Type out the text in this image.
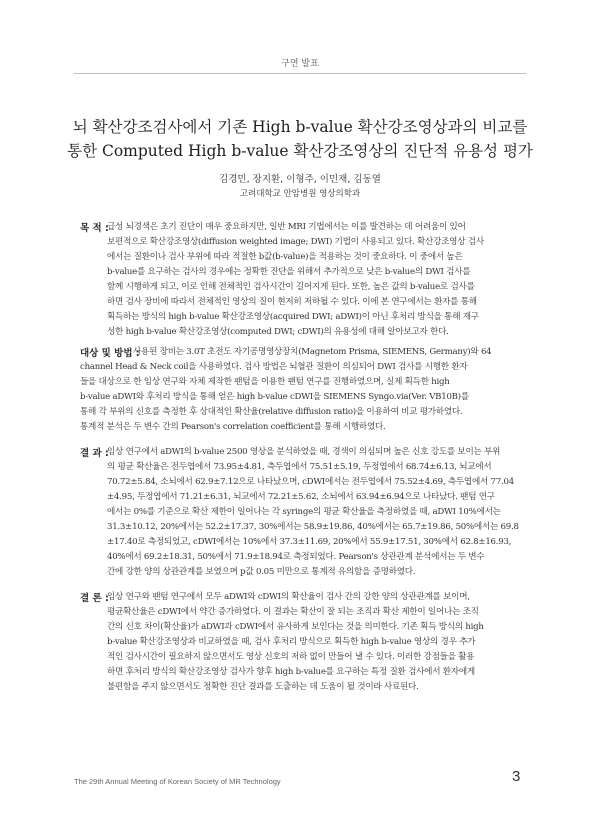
구연 발표
뇌 확산강조검사에서 기존 High b-value 확산강조영상과의 비교를
통한 Computed High b-value 확산강조영상의 진단적 유용성 평가
김경민, 장지환, 이형주, 이민재, 김동열
고려대학교 안암병원 영상의학과
목 적 :
급성 뇌경색은 초기 진단이 매우 중요하지만, 일반 MRI 기법에서는 이를 발견하는 데 어려움이 있어
보편적으로 확산강조영상(diffusion weighted image; DWI) 기법이 사용되고 있다. 확산강조영상 검사
에서는 질환이나 검사 부위에 따라 적절한 b값(b-value)을 적용하는 것이 중요하다. 이 중에서 높은
b-value를 요구하는 검사의 경우에는 정확한 진단을 위해서 추가적으로 낮은 b-value의 DWI 검사를
함께 시행하게 되고, 이로 인해 전체적인 검사시간이 길어지게 된다. 또한, 높은 값의 b-value로 검사를
하면 검사 장비에 따라서 전체적인 영상의 질이 현저히 저하될 수 있다. 이에 본 연구에서는 환자를 통해
획득하는 방식의 high b-value 확산강조영상(acquired DWI; aDWI)이 아닌 후처리 방식을 통해 재구
성한 high b-value 확산강조영상(computed DWI; cDWI)의 유용성에 대해 알아보고자 한다.
대상 및 방법 :
사용된 장비는 3.0T 초전도 자기공명영상장치(Magnetom Prisma, SIEMENS, Germany)와 64
channel Head & Neck coil을 사용하였다. 검사 방법은 뇌혈관 질환이 의심되어 DWI 검사를 시행한 환자
들을 대상으로 한 임상 연구와 자체 제작한 팬텀을 이용한 팬텀 연구를 진행하였으며, 실제 획득한 high
b-value aDWI와 후처리 방식을 통해 얻은 high b-value cDWI을 SIEMENS Syngo.via(Ver. VB10B)를
통해 각 부위의 신호를 측정한 후 상대적인 확산율(relative diffusion ratio)을 이용하여 비교 평가하였다.
통계적 분석은 두 변수 간의 Pearson's correlation coefficient를 통해 시행하였다.
결 과 :
임상 연구에서 aDWI의 b-value 2500 영상을 분석하였을 때, 경색이 의심되며 높은 신호 강도를 보이는 부위
의 평균 확산율은 전두엽에서 73.95±4.81, 측두엽에서 75.51±5.19, 두정엽에서 68.74±6.13, 뇌교에서
70.72±5.84, 소뇌에서 62.9±7.12으로 나타났으며, cDWI에서는 전두엽에서 75.52±4.69, 측두엽에서 77.04
±4.95, 두정엽에서 71.21±6.31, 뇌교에서 72.21±5.62, 소뇌에서 63.94±6.94으로 나타났다. 팬텀 연구
에서는 0%를 기준으로 확산 제한이 일어나는 각 syringe의 평균 확산율을 측정하였을 때, aDWI 10%에서는
31.3±10.12, 20%에서는 52.2±17.37, 30%에서는 58.9±19.86, 40%에서는 65.7±19.86, 50%에서는 69.8
±17.40로 측정되었고, cDWI에서는 10%에서 37.3±11.69, 20%에서 55.9±17.51, 30%에서 62.8±16.93,
40%에서 69.2±18.31, 50%에서 71.9±18.94로 측정되었다. Pearson's 상관관계 분석에서는 두 변수
간에 강한 양의 상관관계를 보였으며 p값 0.05 미만으로 통계적 유의함을 증명하였다.
결 론 :
임상 연구와 팬텀 연구에서 모두 aDWI와 cDWI의 확산율이 검사 간의 강한 양의 상관관계를 보이며,
평균확산율은 cDWI에서 약간 증가하였다. 이 결과는 확산이 잘 되는 조직과 확산 제한이 일어나는 조직
간의 신호 차이(확산율)가 aDWI과 cDWI에서 유사하게 보인다는 것을 의미한다. 기존 획득 방식의 high
b-value 확산강조영상과 비교하였을 때, 검사 후처리 방식으로 획득한 high b-value 영상의 경우 추가
적인 검사시간이 필요하지 않으면서도 영상 신호의 저하 없이 만들어 낼 수 있다. 이러한 강점들을 활용
하면 후처리 방식의 확산강조영상 검사가 향후 high b-value를 요구하는 특정 질환 검사에서 환자에게
불편함을 주지 않으면서도 정확한 진단 결과를 도출하는 데 도움이 될 것이라 사료된다.
The 29th Annual Meeting of Korean Society of MR Technology	3
